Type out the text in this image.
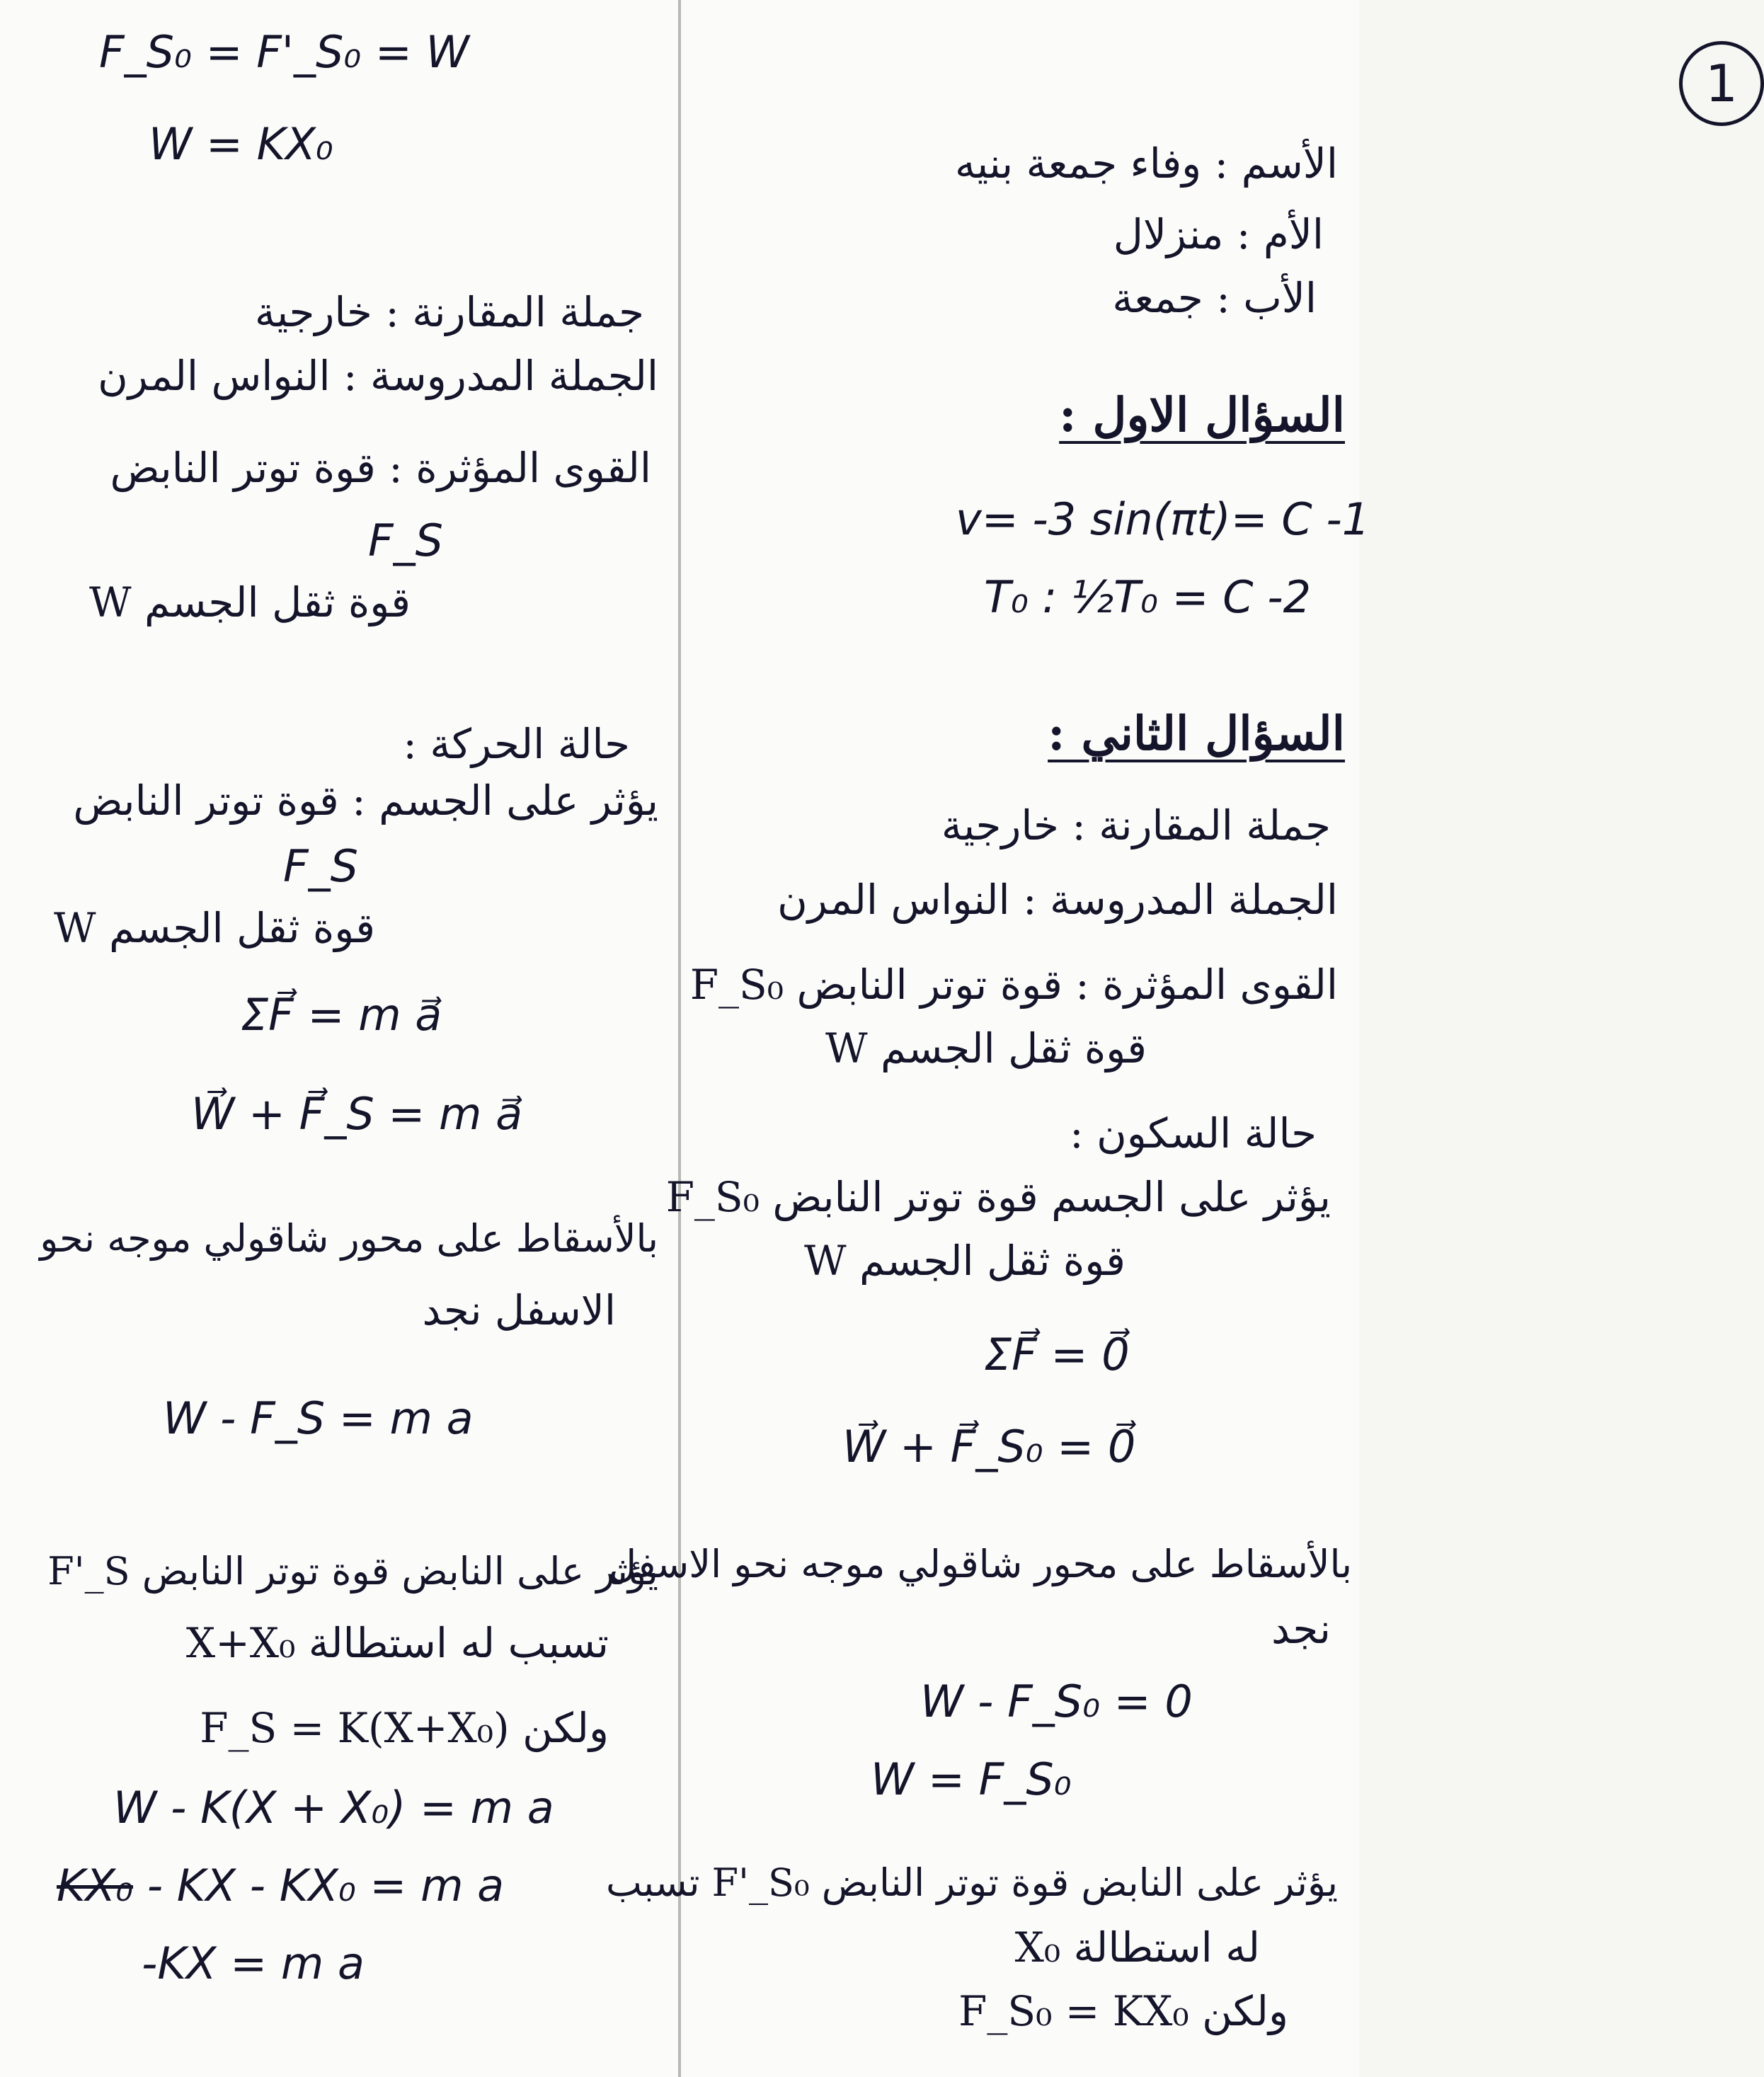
1
الأسم : وفاء جمعة بنيه
الأم : منزلال
الأب : جمعة
السؤال الاول :
v= -3 sin(πt)= C -1
T₀ : ½T₀ = C -2
السؤال الثاني :
جملة المقارنة : خارجية
الجملة المدروسة : النواس المرن
القوى المؤثرة : قوة توتر النابض F_S₀
قوة ثقل الجسم W
حالة السكون :
يؤثر على الجسم قوة توتر النابض F_S₀
قوة ثقل الجسم W
ΣF⃗ = 0⃗
W⃗ + F⃗_S₀ = 0⃗
بالأسقاط على محور شاقولي موجه نحو الاسفل
نجد
W - F_S₀ = 0
W = F_S₀
يؤثر على النابض قوة توتر النابض F'_S₀ تسبب
له استطالة X₀
ولكن F_S₀ = KX₀
F_S₀ = F'_S₀ = W
W = KX₀
جملة المقارنة : خارجية
الجملة المدروسة : النواس المرن
القوى المؤثرة : قوة توتر النابض
F_S
قوة ثقل الجسم W
حالة الحركة :
يؤثر على الجسم : قوة توتر النابض
F_S
قوة ثقل الجسم W
ΣF⃗ = m a⃗
W⃗ + F⃗_S = m a⃗
بالأسقاط على محور شاقولي موجه نحو
الاسفل نجد
W - F_S = m a
يؤثر على النابض قوة توتر النابض F'_S
تسبب له استطالة X+X₀
ولكن F_S = K(X+X₀)
W - K(X + X₀) = m a
KX₀ - KX - KX₀ = m a
-KX = m a
